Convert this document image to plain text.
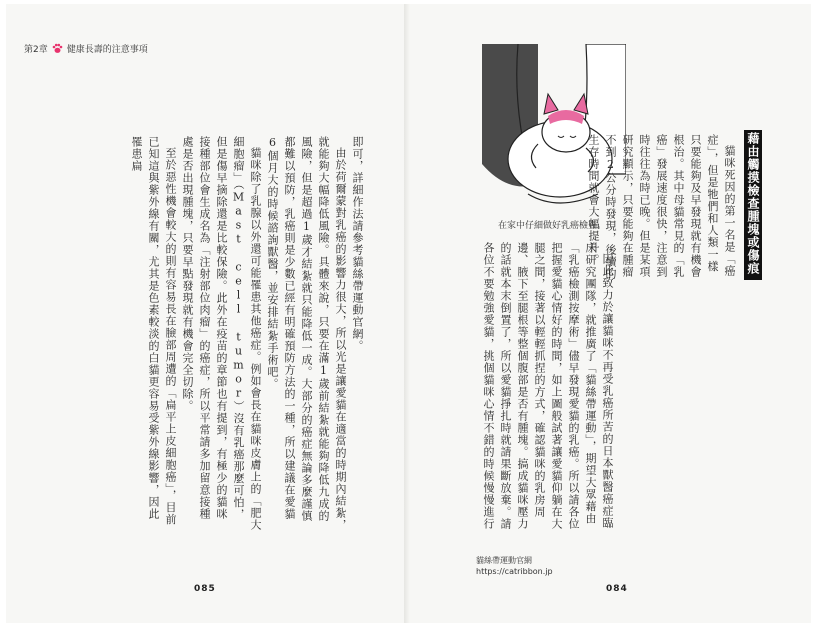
第2章 健康長壽的注意事項

即可，詳細作法請參考貓絲帶運動官網。

由於荷爾蒙對乳癌的影響力很大，所以光是讓愛貓在適當的時期內結紮，就能夠大幅降低風險。具體來說，只要在滿1歲前結紮就能夠降低九成的風險，但是超過1歲才結紮就只能降低一成。大部分的癌症無論多麼謹慎都難以預防，乳癌則是少數已經有明確預防方法的一種，所以建議在愛貓6個月大的時候諮詢獸醫，並安排結紮手術吧。

貓咪除了乳腺以外還可能罹患其他癌症。例如會長在貓咪皮膚上的「肥大細胞瘤」（Mast cell tumor）沒有乳癌那麼可怕，但是傷早摘除還是比較保險。此外在疫苗的章節也有提到，有極少的貓咪接種部位會生成名為「注射部位肉瘤」的癌症，所以平常請多加留意接種處是否出現腫塊，只要早點發現就有機會完全切除。

至於惡性機會較大的則有容易長在臉部周遭的「扁平上皮細胞癌」，目前已知這與紫外線有關，尤其是色素較淡的白貓更容易受紫外線影響，因此罹患扁

085
在家中仔細做好乳癌檢查。	藉由觸摸檢查腫塊或傷痕

貓咪死因的第一名是「癌症」，但是牠們和人類一樣只要能夠及早發現就有機會根治。其中母貓常見的「乳癌」發展速度很快，注意到時往往為時已晚。但是某項研究顯示，只要能夠在腫瘤不到2公分時發現，後續的生存時間就會大幅提升。

因此致力於讓貓咪不再受乳癌所苦的日本獸醫癌症臨床研究團隊，就推廣了「貓絲帶運動」，期望大眾藉由「乳癌檢測按摩術」儘早發現愛貓的乳癌。所以請各位把握愛貓心情好的時間，如上圖般試著讓愛貓仰躺在大腿之間，接著以輕輕抓捏的方式，確認貓咪的乳房周邊、腋下至腿根等整個腹部是否有腫塊。搞成貓咪壓力的話就本末倒置了，所以愛貓掙扎時就請果斷放棄。請各位不要勉強愛貓，挑個貓咪心情不錯的時候慢慢進行

貓絲帶運動官網
https://catribbon.jp
084
